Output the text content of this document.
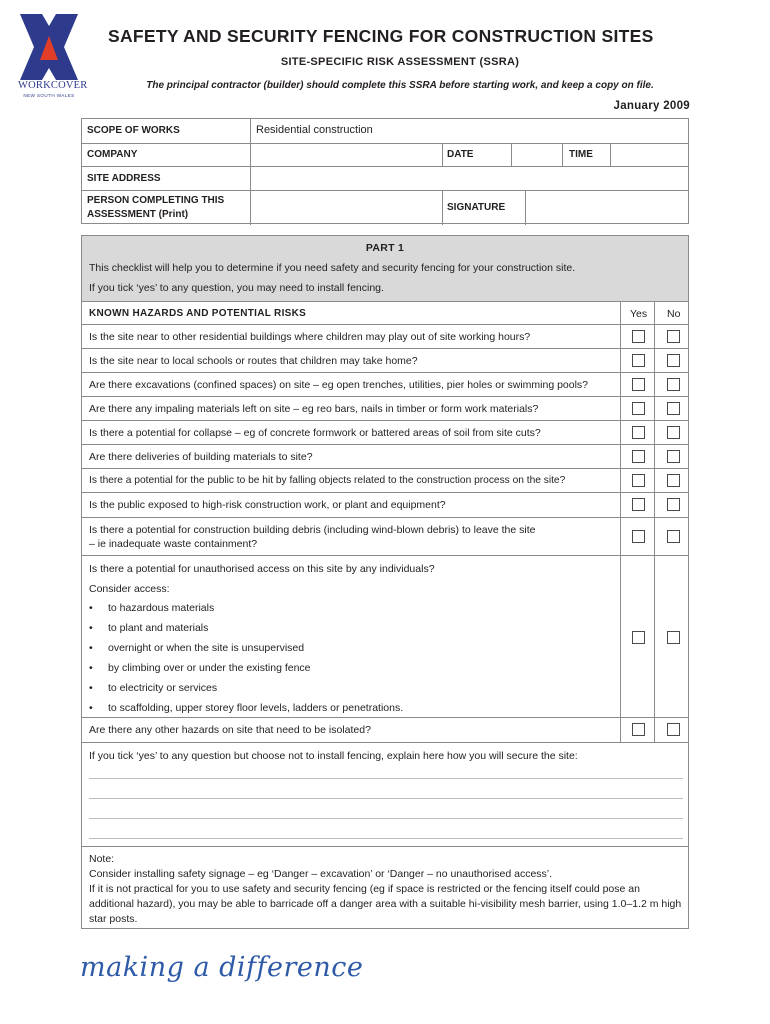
WORKCOVER
NEW SOUTH WALES
SAFETY AND SECURITY FENCING FOR CONSTRUCTION SITES
SITE-SPECIFIC RISK ASSESSMENT (SSRA)
The principal contractor (builder) should complete this SSRA before starting work, and keep a copy on file.
January 2009
SCOPE OF WORKS	Residential construction
COMPANY	DATE	TIME
SITE ADDRESS
PERSON COMPLETING THIS
ASSESSMENT (Print)
SIGNATURE
PART 1
This checklist will help you to determine if you need safety and security fencing for your construction site.
If you tick ‘yes’ to any question, you may need to install fencing.
KNOWN HAZARDS AND POTENTIAL RISKS	Yes No
Is the site near to other residential buildings where children may play out of site working hours?
Is the site near to local schools or routes that children may take home?
Are there excavations (confined spaces) on site – eg open trenches, utilities, pier holes or swimming pools?
Are there any impaling materials left on site – eg reo bars, nails in timber or form work materials?
Is there a potential for collapse – eg of concrete formwork or battered areas of soil from site cuts?
Are there deliveries of building materials to site?
Is there a potential for the public to be hit by falling objects related to the construction process on the site?
Is the public exposed to high-risk construction work, or plant and equipment?
Is there a potential for construction building debris (including wind-blown debris) to leave the site
– ie inadequate waste containment?
Is there a potential for unauthorised access on this site by any individuals?
Consider access:
• to hazardous materials
• to plant and materials
• overnight or when the site is unsupervised
• by climbing over or under the existing fence
• to electricity or services
• to scaffolding, upper storey floor levels, ladders or penetrations.
Are there any other hazards on site that need to be isolated?
If you tick ‘yes’ to any question but choose not to install fencing, explain here how you will secure the site:
Note:
Consider installing safety signage – eg ‘Danger – excavation’ or ‘Danger – no unauthorised access’.
If it is not practical for you to use safety and security fencing (eg if space is restricted or the fencing itself could pose an additional hazard), you may be able to barricade off a danger area with a suitable hi-visibility mesh barrier, using 1.0–1.2 m high star posts.
making a difference
